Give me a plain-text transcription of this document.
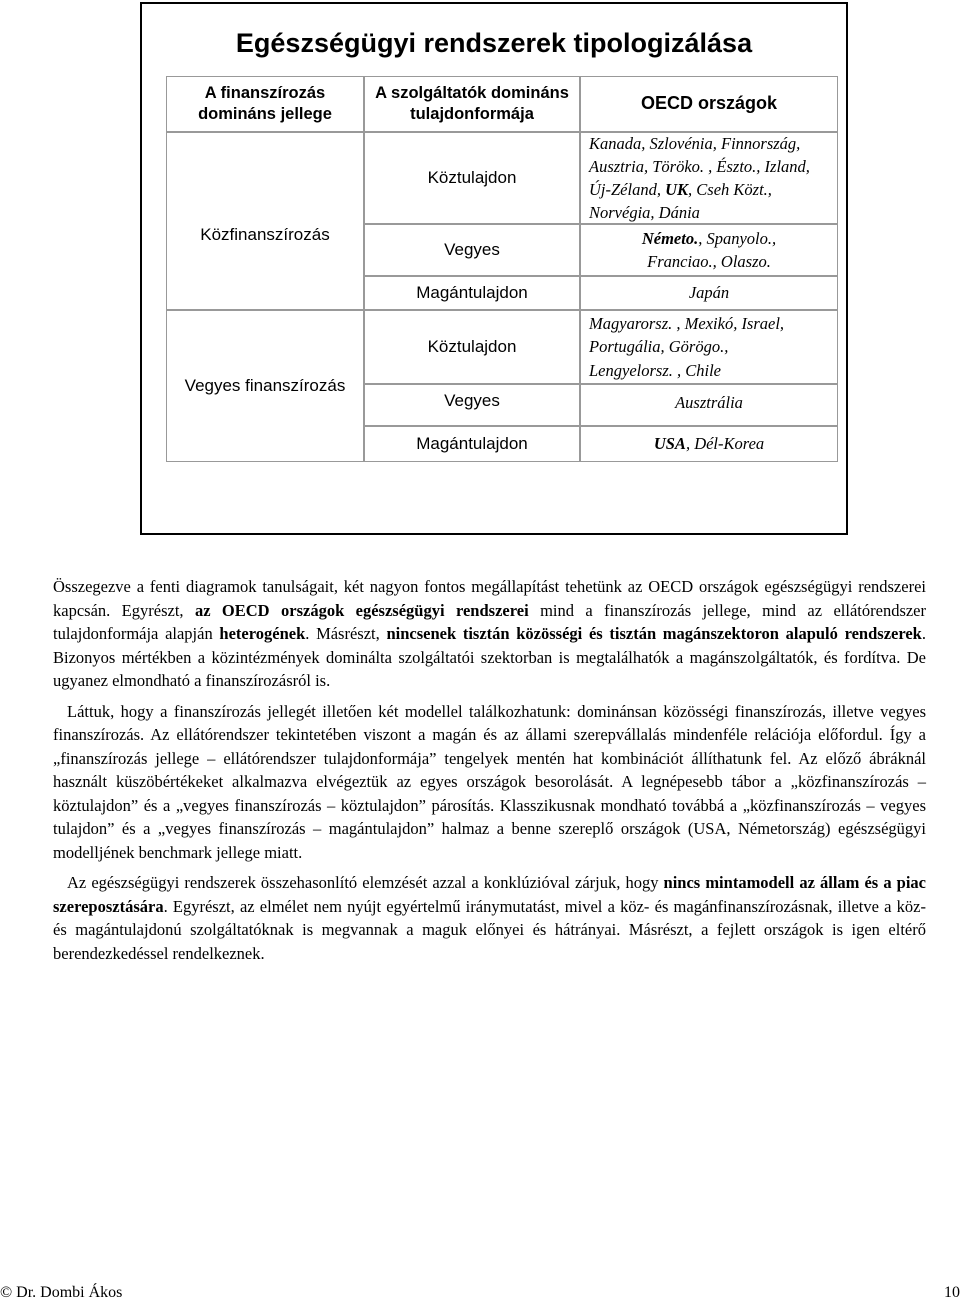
Egészségügyi rendszerek tipologizálása
A finanszírozás
domináns jellege
A szolgáltatók domináns
tulajdonformája
OECD országok
Közfinanszírozás
Vegyes finanszírozás
Köztulajdon
Vegyes
Magántulajdon
Köztulajdon
Vegyes
Magántulajdon
Kanada, Szlovénia, Finnország,
Ausztria, Töröko. , Észto., Izland,
Új-Zéland, UK, Cseh Közt.,
Norvégia, Dánia
Németo., Spanyolo.,
Franciao., Olaszo.
Japán
Magyarorsz. , Mexikó, Israel,
Portugália, Görögo.,
Lengyelorsz. , Chile
Ausztrália
USA, Dél-Korea

Összegezve a fenti diagramok tanulságait, két nagyon fontos megállapítást tehetünk az OECD országok egészségügyi rendszerei kapcsán. Egyrészt, az OECD országok egészségügyi rendszerei mind a finanszírozás jellege, mind az ellátórendszer tulajdonformája alapján heterogének. Másrészt, nincsenek tisztán közösségi és tisztán magánszektoron alapuló rendszerek. Bizonyos mértékben a közintézmények dominálta szolgáltatói szektorban is megtalálhatók a magánszolgáltatók, és fordítva. De ugyanez elmondható a finanszírozásról is.

Láttuk, hogy a finanszírozás jellegét illetően két modellel találkozhatunk: dominánsan közösségi finanszírozás, illetve vegyes finanszírozás. Az ellátórendszer tekintetében viszont a magán és az állami szerepvállalás mindenféle relációja előfordul. Így a „finanszírozás jellege – ellátórendszer tulajdonformája” tengelyek mentén hat kombinációt állíthatunk fel. Az előző ábráknál használt küszöbértékeket alkalmazva elvégeztük az egyes országok besorolását. A legnépesebb tábor a „közfinanszírozás – köztulajdon” és a „vegyes finanszírozás – köztulajdon” párosítás. Klasszikusnak mondható továbbá a „közfinanszírozás – vegyes tulajdon” és a „vegyes finanszírozás – magántulajdon” halmaz a benne szereplő országok (USA, Németország) egészségügyi modelljének benchmark jellege miatt.

Az egészségügyi rendszerek összehasonlító elemzését azzal a konklúzióval zárjuk, hogy nincs mintamodell az állam és a piac szereposztására. Egyrészt, az elmélet nem nyújt egyértelmű iránymutatást, mivel a köz- és magánfinanszírozásnak, illetve a köz- és magántulajdonú szolgáltatóknak is megvannak a maguk előnyei és hátrányai. Másrészt, a fejlett országok is igen eltérő berendezkedéssel rendelkeznek.

© Dr. Dombi Ákos	10
